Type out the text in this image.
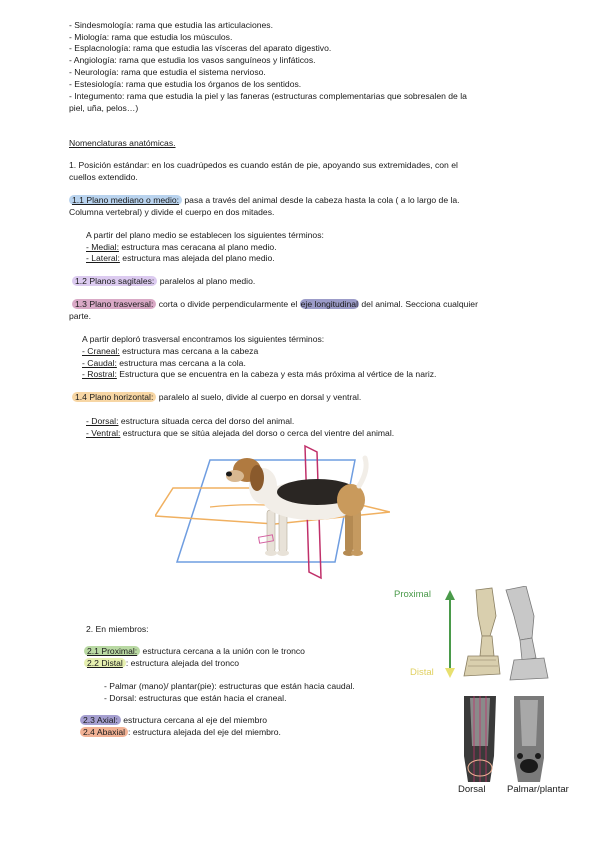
- Sindesmología: rama que estudia las articulaciones.
- Miología: rama que estudia los músculos.
- Esplacnología: rama que estudia las vísceras del aparato digestivo.
- Angiología: rama que estudia los vasos sanguíneos y linfáticos.
- Neurología: rama que estudia el sistema nervioso.
- Estesiología: rama que estudia los órganos de los sentidos.
- Integumento: rama que estudia la piel y las faneras (estructuras complementarias que sobresalen de la
piel, uña, pelos…)
Nomenclaturas anatómicas.
1. Posición estándar: en los cuadrúpedos es cuando están de pie, apoyando sus extremidades, con el
cuellos extendido.
1.1 Plano mediano o medio: pasa a través del animal desde la cabeza hasta la cola ( a lo largo de la.
Columna vertebral) y divide el cuerpo en dos mitades.
A partir del plano medio se establecen los siguientes términos:
- Medial: estructura mas ceracana al plano medio.
- Lateral: estructura mas alejada del plano medio.
1.2 Planos sagitales: paralelos al plano medio.
1.3 Plano trasversal: corta o divide perpendicularmente el eje longitudinal del animal. Secciona cualquier
parte.
A partir deploró trasversal encontramos los siguientes términos:
- Craneal: estructura mas cercana a la cabeza
- Caudal: estructura mas cercana a la cola.
- Rostral: Estructura que se encuentra en la cabeza y esta más próxima al vértice de la nariz.
1.4 Plano horizontal: paralelo al suelo, divide al cuerpo en dorsal y ventral.
- Dorsal: estructura situada cerca del dorso del animal.
- Ventral: estructura que se sitúa alejada del dorso o cerca del vientre del animal.
2. En miembros:
2.1 Proximal: estructura cercana a la unión con le tronco
2.2 Distal : estructura alejada del tronco
- Palmar (mano)/ plantar(pie): estructuras que están hacia caudal.
- Dorsal: estructuras que están hacia el craneal.
2.3 Axial: estructura cercana al eje del miembro
2.4 Abaxial : estructura alejada del eje del miembro.
Proximal
Distal
Dorsal Palmar/plantar
